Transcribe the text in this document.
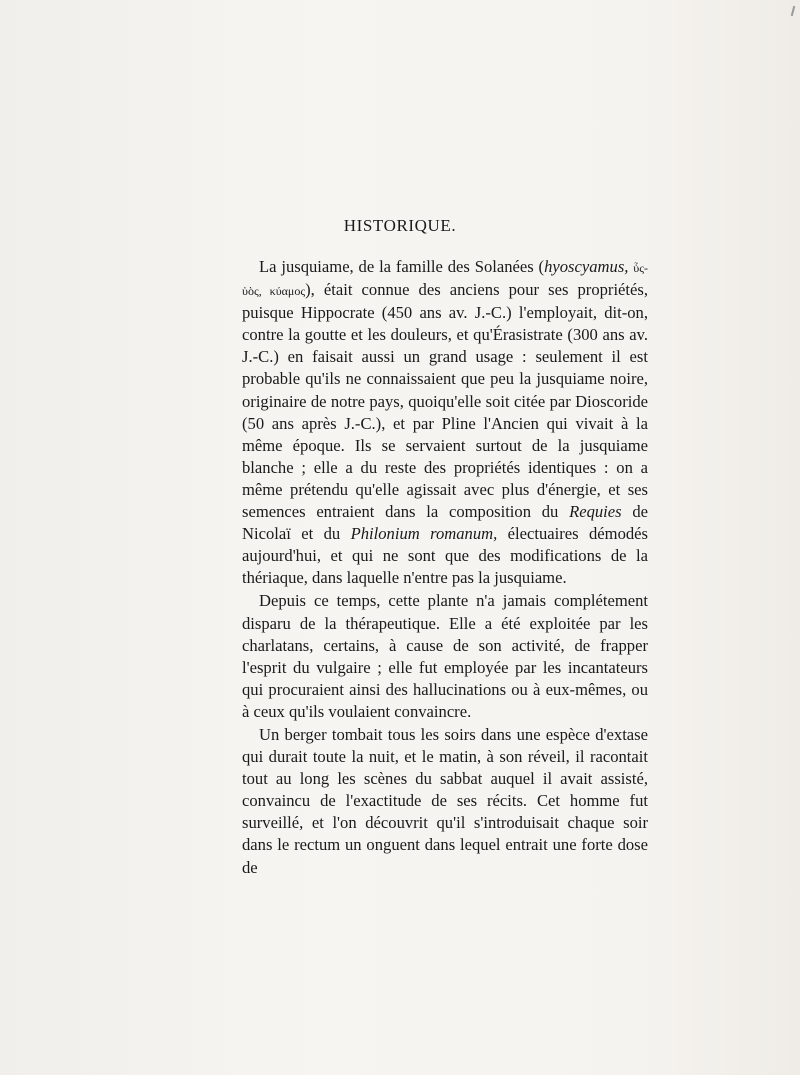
HISTORIQUE.

La jusquiame, de la famille des Solanées (hyoscyamus, ὗς-ὑὸς, κύαμος), était connue des anciens pour ses propriétés, puisque Hippocrate (450 ans av. J.-C.) l'employait, dit-on, contre la goutte et les douleurs, et qu'Érasistrate (300 ans av. J.-C.) en faisait aussi un grand usage : seulement il est probable qu'ils ne connaissaient que peu la jusquiame noire, originaire de notre pays, quoiqu'elle soit citée par Dioscoride (50 ans après J.-C.), et par Pline l'Ancien qui vivait à la même époque. Ils se servaient surtout de la jusquiame blanche ; elle a du reste des propriétés identiques : on a même prétendu qu'elle agissait avec plus d'énergie, et ses semences entraient dans la composition du Requies de Nicolaï et du Philonium romanum, électuaires démodés aujourd'hui, et qui ne sont que des modifications de la thériaque, dans laquelle n'entre pas la jusquiame.

Depuis ce temps, cette plante n'a jamais complétement disparu de la thérapeutique. Elle a été exploitée par les charlatans, certains, à cause de son activité, de frapper l'esprit du vulgaire ; elle fut employée par les incantateurs qui procuraient ainsi des hallucinations ou à eux-mêmes, ou à ceux qu'ils voulaient convaincre.

Un berger tombait tous les soirs dans une espèce d'extase qui durait toute la nuit, et le matin, à son réveil, il racontait tout au long les scènes du sabbat auquel il avait assisté, convaincu de l'exactitude de ses récits. Cet homme fut surveillé, et l'on découvrit qu'il s'introduisait chaque soir dans le rectum un onguent dans lequel entrait une forte dose de
